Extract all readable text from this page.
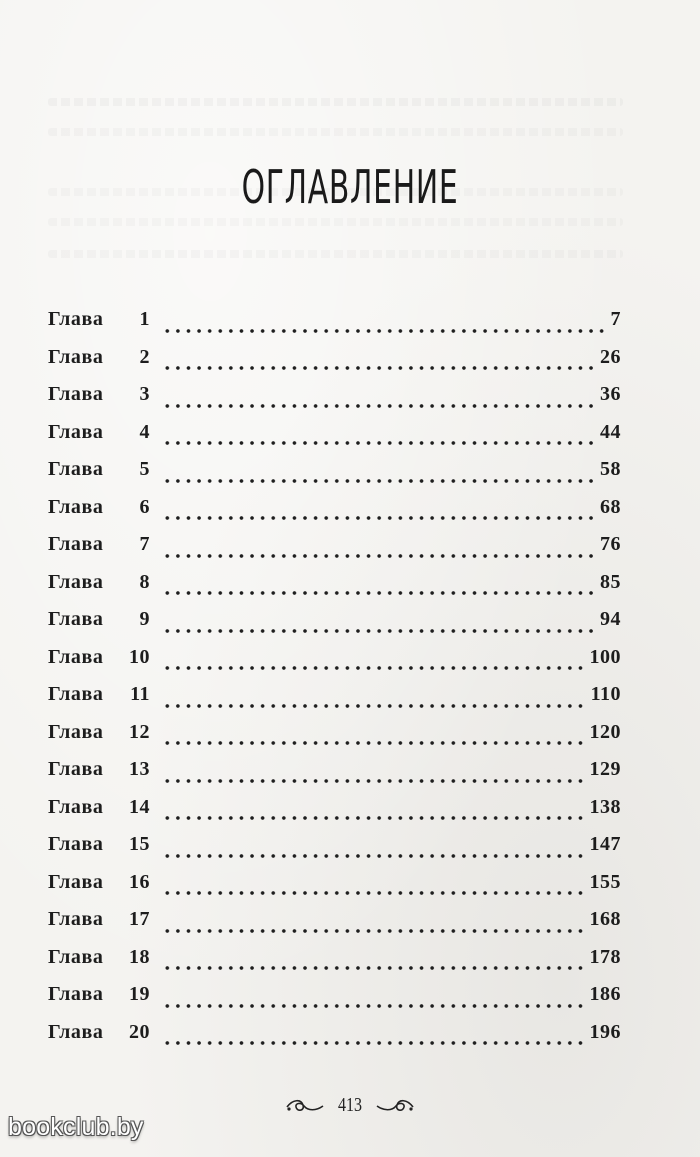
ОГЛАВЛЕНИЕ
Глава	1	7
Глава	2	26
Глава	3	36
Глава	4	44
Глава	5	58
Глава	6	68
Глава	7	76
Глава	8	85
Глава	9	94
Глава	10	100
Глава	11	110
Глава	12	120
Глава	13	129
Глава	14	138
Глава	15	147
Глава	16	155
Глава	17	168
Глава	18	178
Глава	19	186
Глава	20	196
413
bookclub.by
